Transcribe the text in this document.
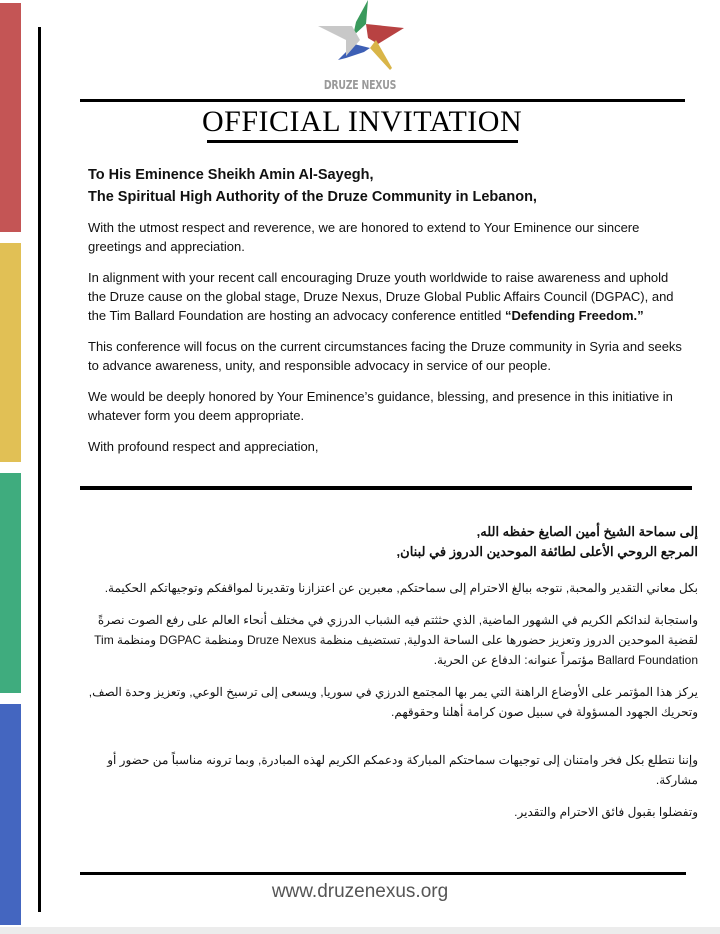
DRUZE NEXUS
OFFICIAL INVITATION
To His Eminence Sheikh Amin Al-Sayegh,
The Spiritual High Authority of the Druze Community in Lebanon,

With the utmost respect and reverence, we are honored to extend to Your Eminence our sincere greetings and appreciation.

In alignment with your recent call encouraging Druze youth worldwide to raise awareness and uphold the Druze cause on the global stage, Druze Nexus, Druze Global Public Affairs Council (DGPAC), and the Tim Ballard Foundation are hosting an advocacy conference entitled “Defending Freedom.”

This conference will focus on the current circumstances facing the Druze community in Syria and seeks to advance awareness, unity, and responsible advocacy in service of our people.

We would be deeply honored by Your Eminence’s guidance, blessing, and presence in this initiative in whatever form you deem appropriate.

With profound respect and appreciation,

إلى سماحة الشيخ أمين الصايغ حفظه الله,
المرجع الروحي الأعلى لطائفة الموحدين الدروز في لبنان,

بكل معاني التقدير والمحبة, نتوجه ببالغ الاحترام إلى سماحتكم, معبرين عن اعتزازنا وتقديرنا لمواقفكم وتوجيهاتكم الحكيمة.

واستجابة لندائكم الكريم في الشهور الماضية, الذي حثثتم فيه الشباب الدرزي في مختلف أنحاء العالم على رفع الصوت نصرةً لقضية الموحدين الدروز وتعزيز حضورها على الساحة الدولية, تستضيف منظمة Druze Nexus ومنظمة DGPAC ومنظمة Tim Ballard Foundation مؤتمراً عنوانه: الدفاع عن الحرية.

يركز هذا المؤتمر على الأوضاع الراهنة التي يمر بها المجتمع الدرزي في سوريا, ويسعى إلى ترسيخ الوعي, وتعزيز وحدة الصف, وتحريك الجهود المسؤولة في سبيل صون كرامة أهلنا وحقوقهم.

وإننا نتطلع بكل فخر وامتنان إلى توجيهات سماحتكم المباركة ودعمكم الكريم لهذه المبادرة, وبما ترونه مناسباً من حضور أو مشاركة.

وتفضلوا بقبول فائق الاحترام والتقدير.

www.druzenexus.org
